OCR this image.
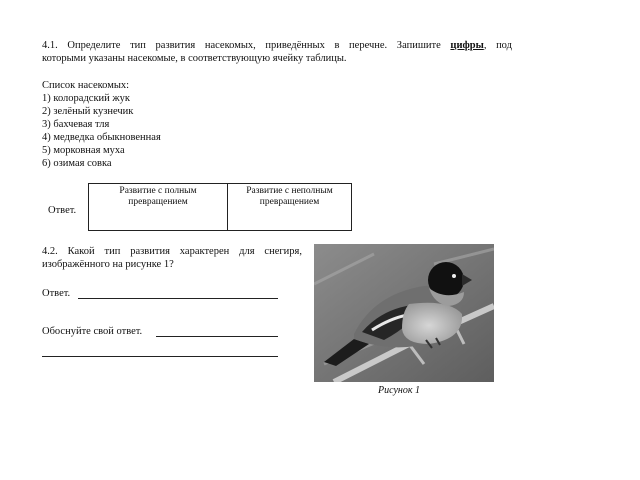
4.1. Определите тип развития насекомых, приведённых в перечне. Запишите цифры, под
которыми указаны насекомые, в соответствующую ячейку таблицы.
Список насекомых:
1) колорадский жук
2) зелёный кузнечик
3) бахчевая тля
4) медведка обыкновенная
5) морковная муха
6) озимая совка
Ответ.
Развитие с полным превращением	Развитие с неполным превращением
4.2. Какой тип развития характерен для снегиря,
изображённого на рисунке 1?
Ответ.
Обоснуйте свой ответ.
Рисунок 1
